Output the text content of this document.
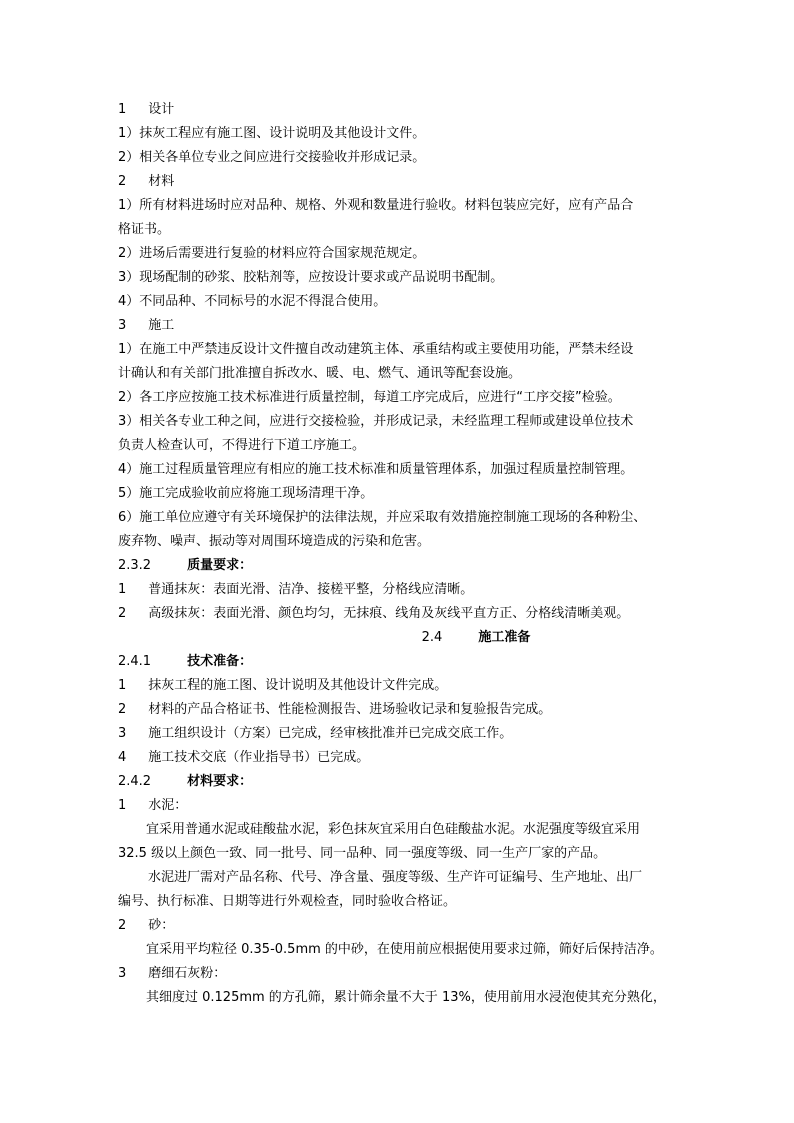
1 设计
1）抹灰工程应有施工图、设计说明及其他设计文件。
2）相关各单位专业之间应进行交接验收并形成记录。
2 材料
1）所有材料进场时应对品种、规格、外观和数量进行验收。材料包装应完好，应有产品合
格证书。
2）进场后需要进行复验的材料应符合国家规范规定。
3）现场配制的砂浆、胶粘剂等，应按设计要求或产品说明书配制。
4）不同品种、不同标号的水泥不得混合使用。
3 施工
1）在施工中严禁违反设计文件擅自改动建筑主体、承重结构或主要使用功能，严禁未经设
计确认和有关部门批准擅自拆改水、暖、电、燃气、通讯等配套设施。
2）各工序应按施工技术标准进行质量控制，每道工序完成后，应进行“工序交接”检验。
3）相关各专业工种之间，应进行交接检验，并形成记录，未经监理工程师或建设单位技术
负责人检查认可，不得进行下道工序施工。
4）施工过程质量管理应有相应的施工技术标准和质量管理体系，加强过程质量控制管理。
5）施工完成验收前应将施工现场清理干净。
6）施工单位应遵守有关环境保护的法律法规，并应采取有效措施控制施工现场的各种粉尘、
废弃物、噪声、振动等对周围环境造成的污染和危害。
2.3.2	质量要求：
1 普通抹灰：表面光滑、洁净、接槎平整，分格线应清晰。
2 高级抹灰：表面光滑、颜色均匀，无抹痕、线角及灰线平直方正、分格线清晰美观。
2.4	施工准备
2.4.1	技术准备：
1 抹灰工程的施工图、设计说明及其他设计文件完成。
2 材料的产品合格证书、性能检测报告、进场验收记录和复验报告完成。
3 施工组织设计（方案）已完成，经审核批准并已完成交底工作。
4 施工技术交底（作业指导书）已完成。
2.4.2	材料要求：
1 水泥：
宜采用普通水泥或硅酸盐水泥，彩色抹灰宜采用白色硅酸盐水泥。水泥强度等级宜采用
32.5 级以上颜色一致、同一批号、同一品种、同一强度等级、同一生产厂家的产品。
水泥进厂需对产品名称、代号、净含量、强度等级、生产许可证编号、生产地址、出厂
编号、执行标准、日期等进行外观检查，同时验收合格证。
2 砂：
宜采用平均粒径 0.35-0.5mm 的中砂，在使用前应根据使用要求过筛，筛好后保持洁净。
3 磨细石灰粉：
其细度过 0.125mm 的方孔筛，累计筛余量不大于 13%，使用前用水浸泡使其充分熟化，
